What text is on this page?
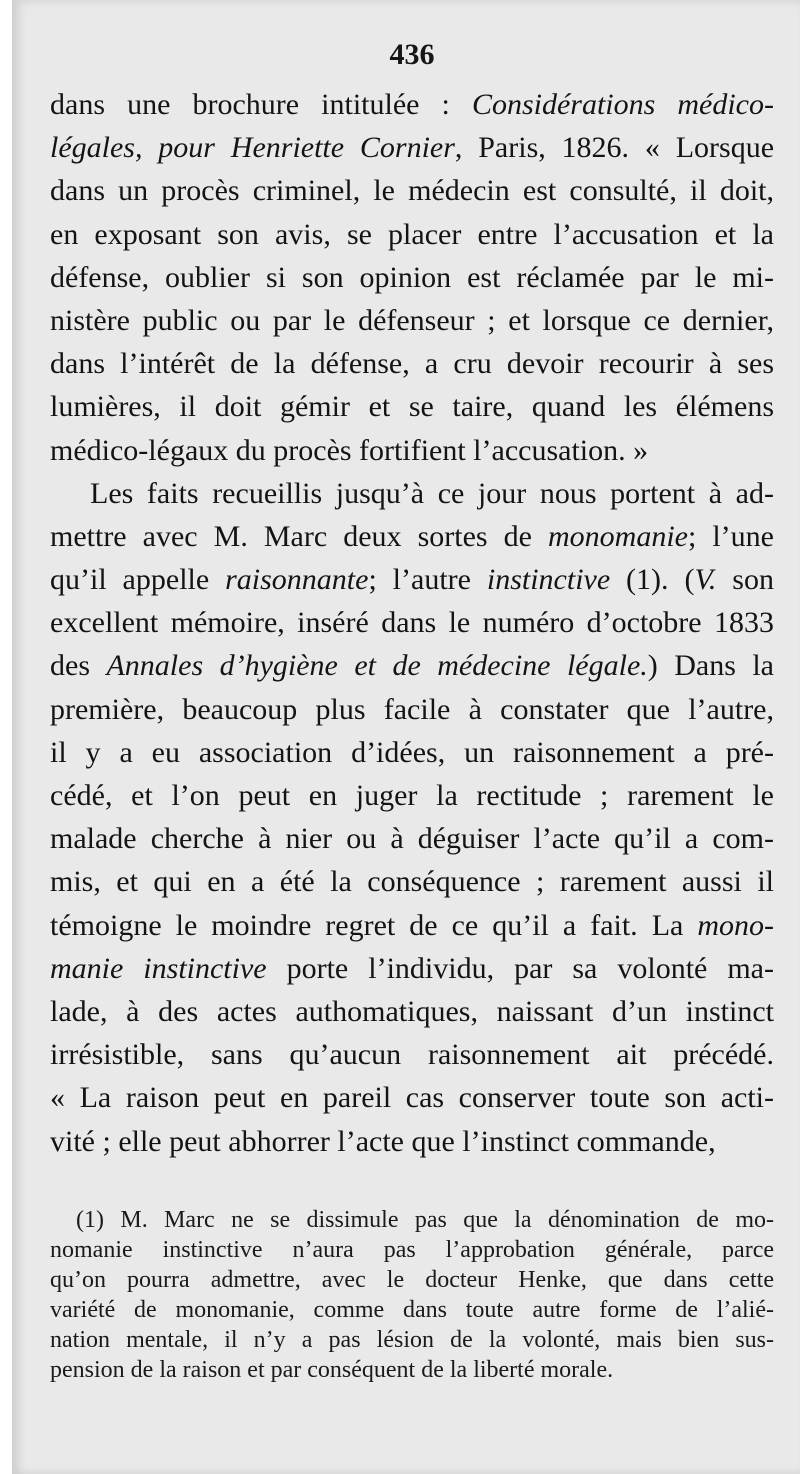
436
dans une brochure intitulée : Considérations médico-
légales, pour Henriette Cornier, Paris, 1826. « Lorsque
dans un procès criminel, le médecin est consulté, il doit,
en exposant son avis, se placer entre l’accusation et la
défense, oublier si son opinion est réclamée par le mi-
nistère public ou par le défenseur ; et lorsque ce dernier,
dans l’intérêt de la défense, a cru devoir recourir à ses
lumières, il doit gémir et se taire, quand les élémens
médico-légaux du procès fortifient l’accusation. »
Les faits recueillis jusqu’à ce jour nous portent à ad-
mettre avec M. Marc deux sortes de monomanie; l’une
qu’il appelle raisonnante; l’autre instinctive (1). (V. son
excellent mémoire, inséré dans le numéro d’octobre 1833
des Annales d’hygiène et de médecine légale.) Dans la
première, beaucoup plus facile à constater que l’autre,
il y a eu association d’idées, un raisonnement a pré-
cédé, et l’on peut en juger la rectitude ; rarement le
malade cherche à nier ou à déguiser l’acte qu’il a com-
mis, et qui en a été la conséquence ; rarement aussi il
témoigne le moindre regret de ce qu’il a fait. La mono-
manie instinctive porte l’individu, par sa volonté ma-
lade, à des actes authomatiques, naissant d’un instinct
irrésistible, sans qu’aucun raisonnement ait précédé.
« La raison peut en pareil cas conserver toute son acti-
vité ; elle peut abhorrer l’acte que l’instinct commande,
(1) M. Marc ne se dissimule pas que la dénomination de mo-
nomanie instinctive n’aura pas l’approbation générale, parce
qu’on pourra admettre, avec le docteur Henke, que dans cette
variété de monomanie, comme dans toute autre forme de l’alié-
nation mentale, il n’y a pas lésion de la volonté, mais bien sus-
pension de la raison et par conséquent de la liberté morale.
